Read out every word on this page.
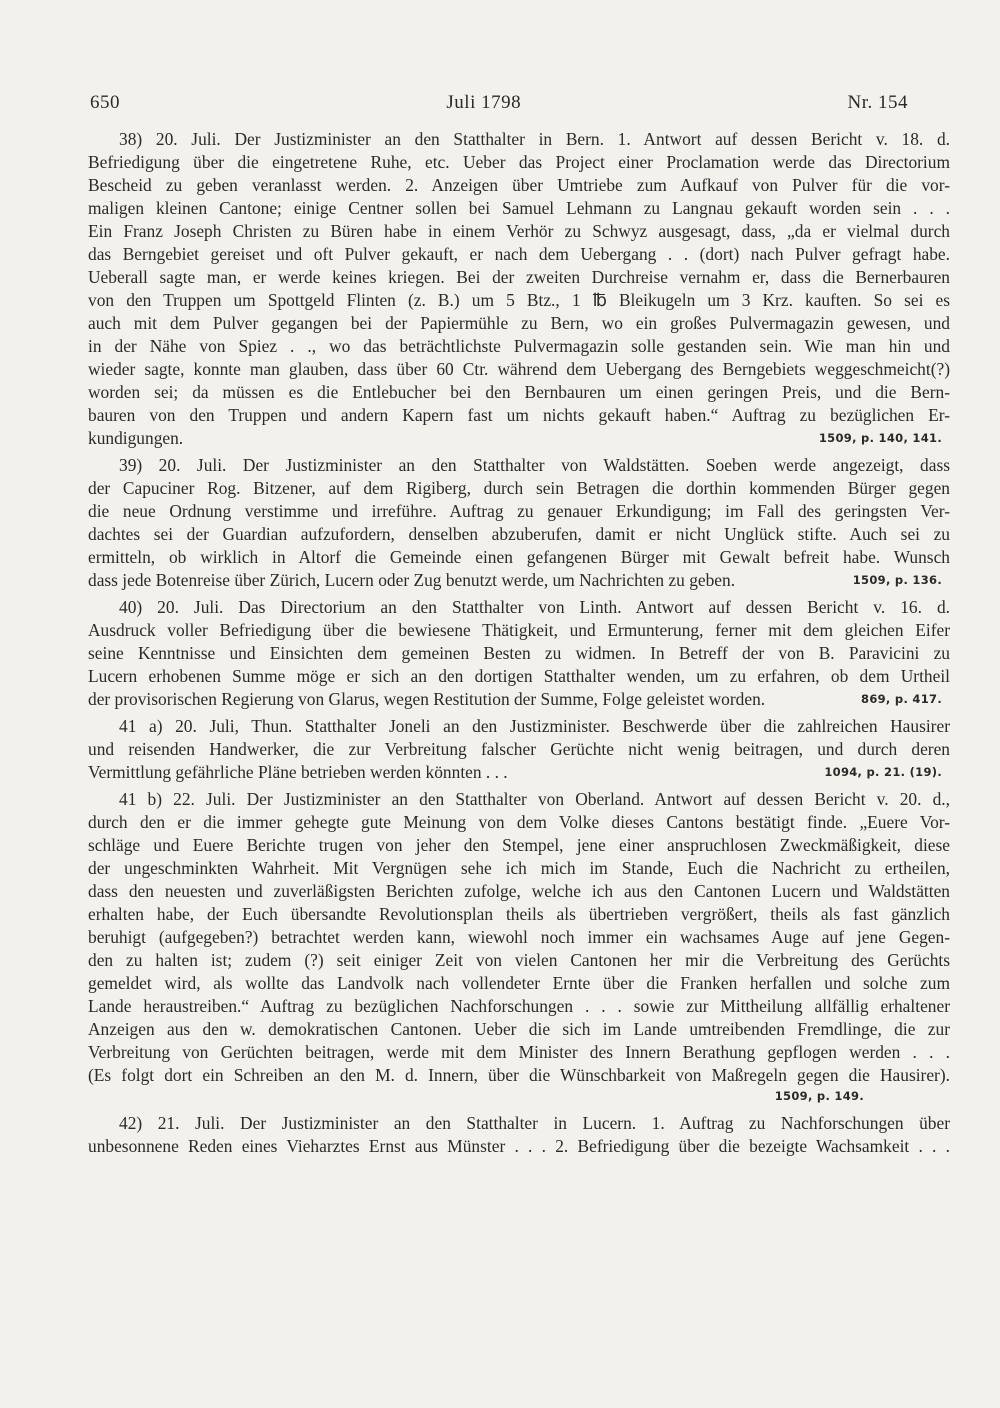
650	Juli 1798	Nr. 154
38) 20. Juli. Der Justizminister an den Statthalter in Bern. 1. Antwort auf dessen Bericht v. 18. d.
Befriedigung über die eingetretene Ruhe, etc. Ueber das Project einer Proclamation werde das Directorium
Bescheid zu geben veranlasst werden. 2. Anzeigen über Umtriebe zum Aufkauf von Pulver für die vor-
maligen kleinen Cantone; einige Centner sollen bei Samuel Lehmann zu Langnau gekauft worden sein . . .
Ein Franz Joseph Christen zu Büren habe in einem Verhör zu Schwyz ausgesagt, dass, „da er vielmal durch
das Berngebiet gereiset und oft Pulver gekauft, er nach dem Uebergang . . (dort) nach Pulver gefragt habe.
Ueberall sagte man, er werde keines kriegen. Bei der zweiten Durchreise vernahm er, dass die Bernerbauren
von den Truppen um Spottgeld Flinten (z. B.) um 5 Btz., 1 ℔ Bleikugeln um 3 Krz. kauften. So sei es
auch mit dem Pulver gegangen bei der Papiermühle zu Bern, wo ein großes Pulvermagazin gewesen, und
in der Nähe von Spiez . ., wo das beträchtlichste Pulvermagazin solle gestanden sein. Wie man hin und
wieder sagte, konnte man glauben, dass über 60 Ctr. während dem Uebergang des Berngebiets weggeschmeicht(?)
worden sei; da müssen es die Entlebucher bei den Bernbauren um einen geringen Preis, und die Bern-
bauren von den Truppen und andern Kapern fast um nichts gekauft haben.“ Auftrag zu bezüglichen Er-
kundigungen.	1509, p. 140, 141.
39) 20. Juli. Der Justizminister an den Statthalter von Waldstätten. Soeben werde angezeigt, dass
der Capuciner Rog. Bitzener, auf dem Rigiberg, durch sein Betragen die dorthin kommenden Bürger gegen
die neue Ordnung verstimme und irreführe. Auftrag zu genauer Erkundigung; im Fall des geringsten Ver-
dachtes sei der Guardian aufzufordern, denselben abzuberufen, damit er nicht Unglück stifte. Auch sei zu
ermitteln, ob wirklich in Altorf die Gemeinde einen gefangenen Bürger mit Gewalt befreit habe. Wunsch
dass jede Botenreise über Zürich, Lucern oder Zug benutzt werde, um Nachrichten zu geben.	1509, p. 136.
40) 20. Juli. Das Directorium an den Statthalter von Linth. Antwort auf dessen Bericht v. 16. d.
Ausdruck voller Befriedigung über die bewiesene Thätigkeit, und Ermunterung, ferner mit dem gleichen Eifer
seine Kenntnisse und Einsichten dem gemeinen Besten zu widmen. In Betreff der von B. Paravicini zu
Lucern erhobenen Summe möge er sich an den dortigen Statthalter wenden, um zu erfahren, ob dem Urtheil
der provisorischen Regierung von Glarus, wegen Restitution der Summe, Folge geleistet worden.	869, p. 417.
41 a) 20. Juli, Thun. Statthalter Joneli an den Justizminister. Beschwerde über die zahlreichen Hausirer
und reisenden Handwerker, die zur Verbreitung falscher Gerüchte nicht wenig beitragen, und durch deren
Vermittlung gefährliche Pläne betrieben werden könnten . . .	1094, p. 21. (19).
41 b) 22. Juli. Der Justizminister an den Statthalter von Oberland. Antwort auf dessen Bericht v. 20. d.,
durch den er die immer gehegte gute Meinung von dem Volke dieses Cantons bestätigt finde. „Euere Vor-
schläge und Euere Berichte trugen von jeher den Stempel, jene einer anspruchlosen Zweckmäßigkeit, diese
der ungeschminkten Wahrheit. Mit Vergnügen sehe ich mich im Stande, Euch die Nachricht zu ertheilen,
dass den neuesten und zuverläßigsten Berichten zufolge, welche ich aus den Cantonen Lucern und Waldstätten
erhalten habe, der Euch übersandte Revolutionsplan theils als übertrieben vergrößert, theils als fast gänzlich
beruhigt (aufgegeben?) betrachtet werden kann, wiewohl noch immer ein wachsames Auge auf jene Gegen-
den zu halten ist; zudem (?) seit einiger Zeit von vielen Cantonen her mir die Verbreitung des Gerüchts
gemeldet wird, als wollte das Landvolk nach vollendeter Ernte über die Franken herfallen und solche zum
Lande heraustreiben.“ Auftrag zu bezüglichen Nachforschungen . . . sowie zur Mittheilung allfällig erhaltener
Anzeigen aus den w. demokratischen Cantonen. Ueber die sich im Lande umtreibenden Fremdlinge, die zur
Verbreitung von Gerüchten beitragen, werde mit dem Minister des Innern Berathung gepflogen werden . . .
(Es folgt dort ein Schreiben an den M. d. Innern, über die Wünschbarkeit von Maßregeln gegen die Hausirer).
1509, p. 149.
42) 21. Juli. Der Justizminister an den Statthalter in Lucern. 1. Auftrag zu Nachforschungen über
unbesonnene Reden eines Vieharztes Ernst aus Münster . . . 2. Befriedigung über die bezeigte Wachsamkeit . . .
